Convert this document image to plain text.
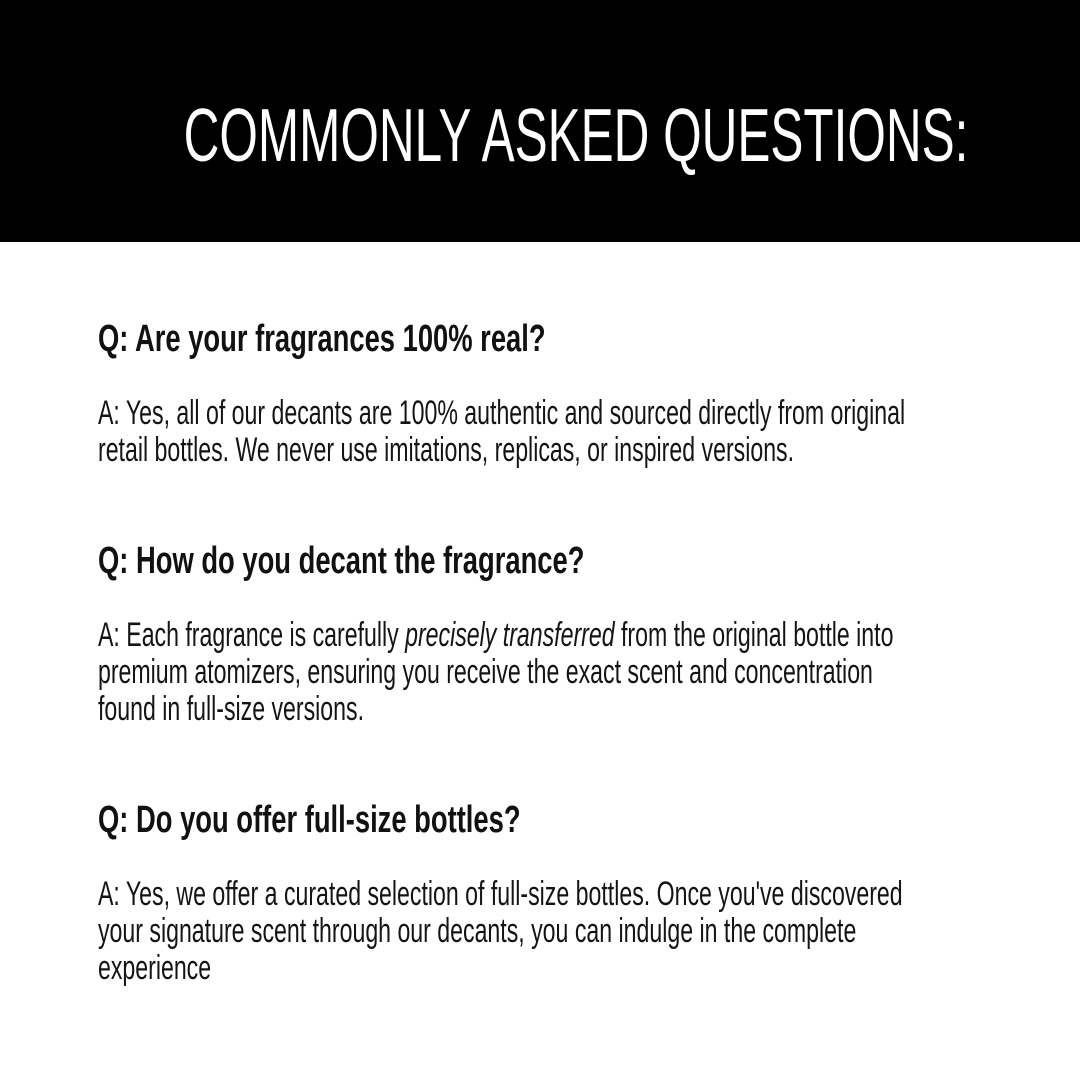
COMMONLY ASKED QUESTIONS:
Q: Are your fragrances 100% real?
A: Yes, all of our decants are 100% authentic and sourced directly from original
retail bottles. We never use imitations, replicas, or inspired versions.
Q: How do you decant the fragrance?
A: Each fragrance is carefully precisely transferred from the original bottle into
premium atomizers, ensuring you receive the exact scent and concentration
found in full-size versions.
Q: Do you offer full-size bottles?
A: Yes, we offer a curated selection of full-size bottles. Once you've discovered
your signature scent through our decants, you can indulge in the complete
experience
